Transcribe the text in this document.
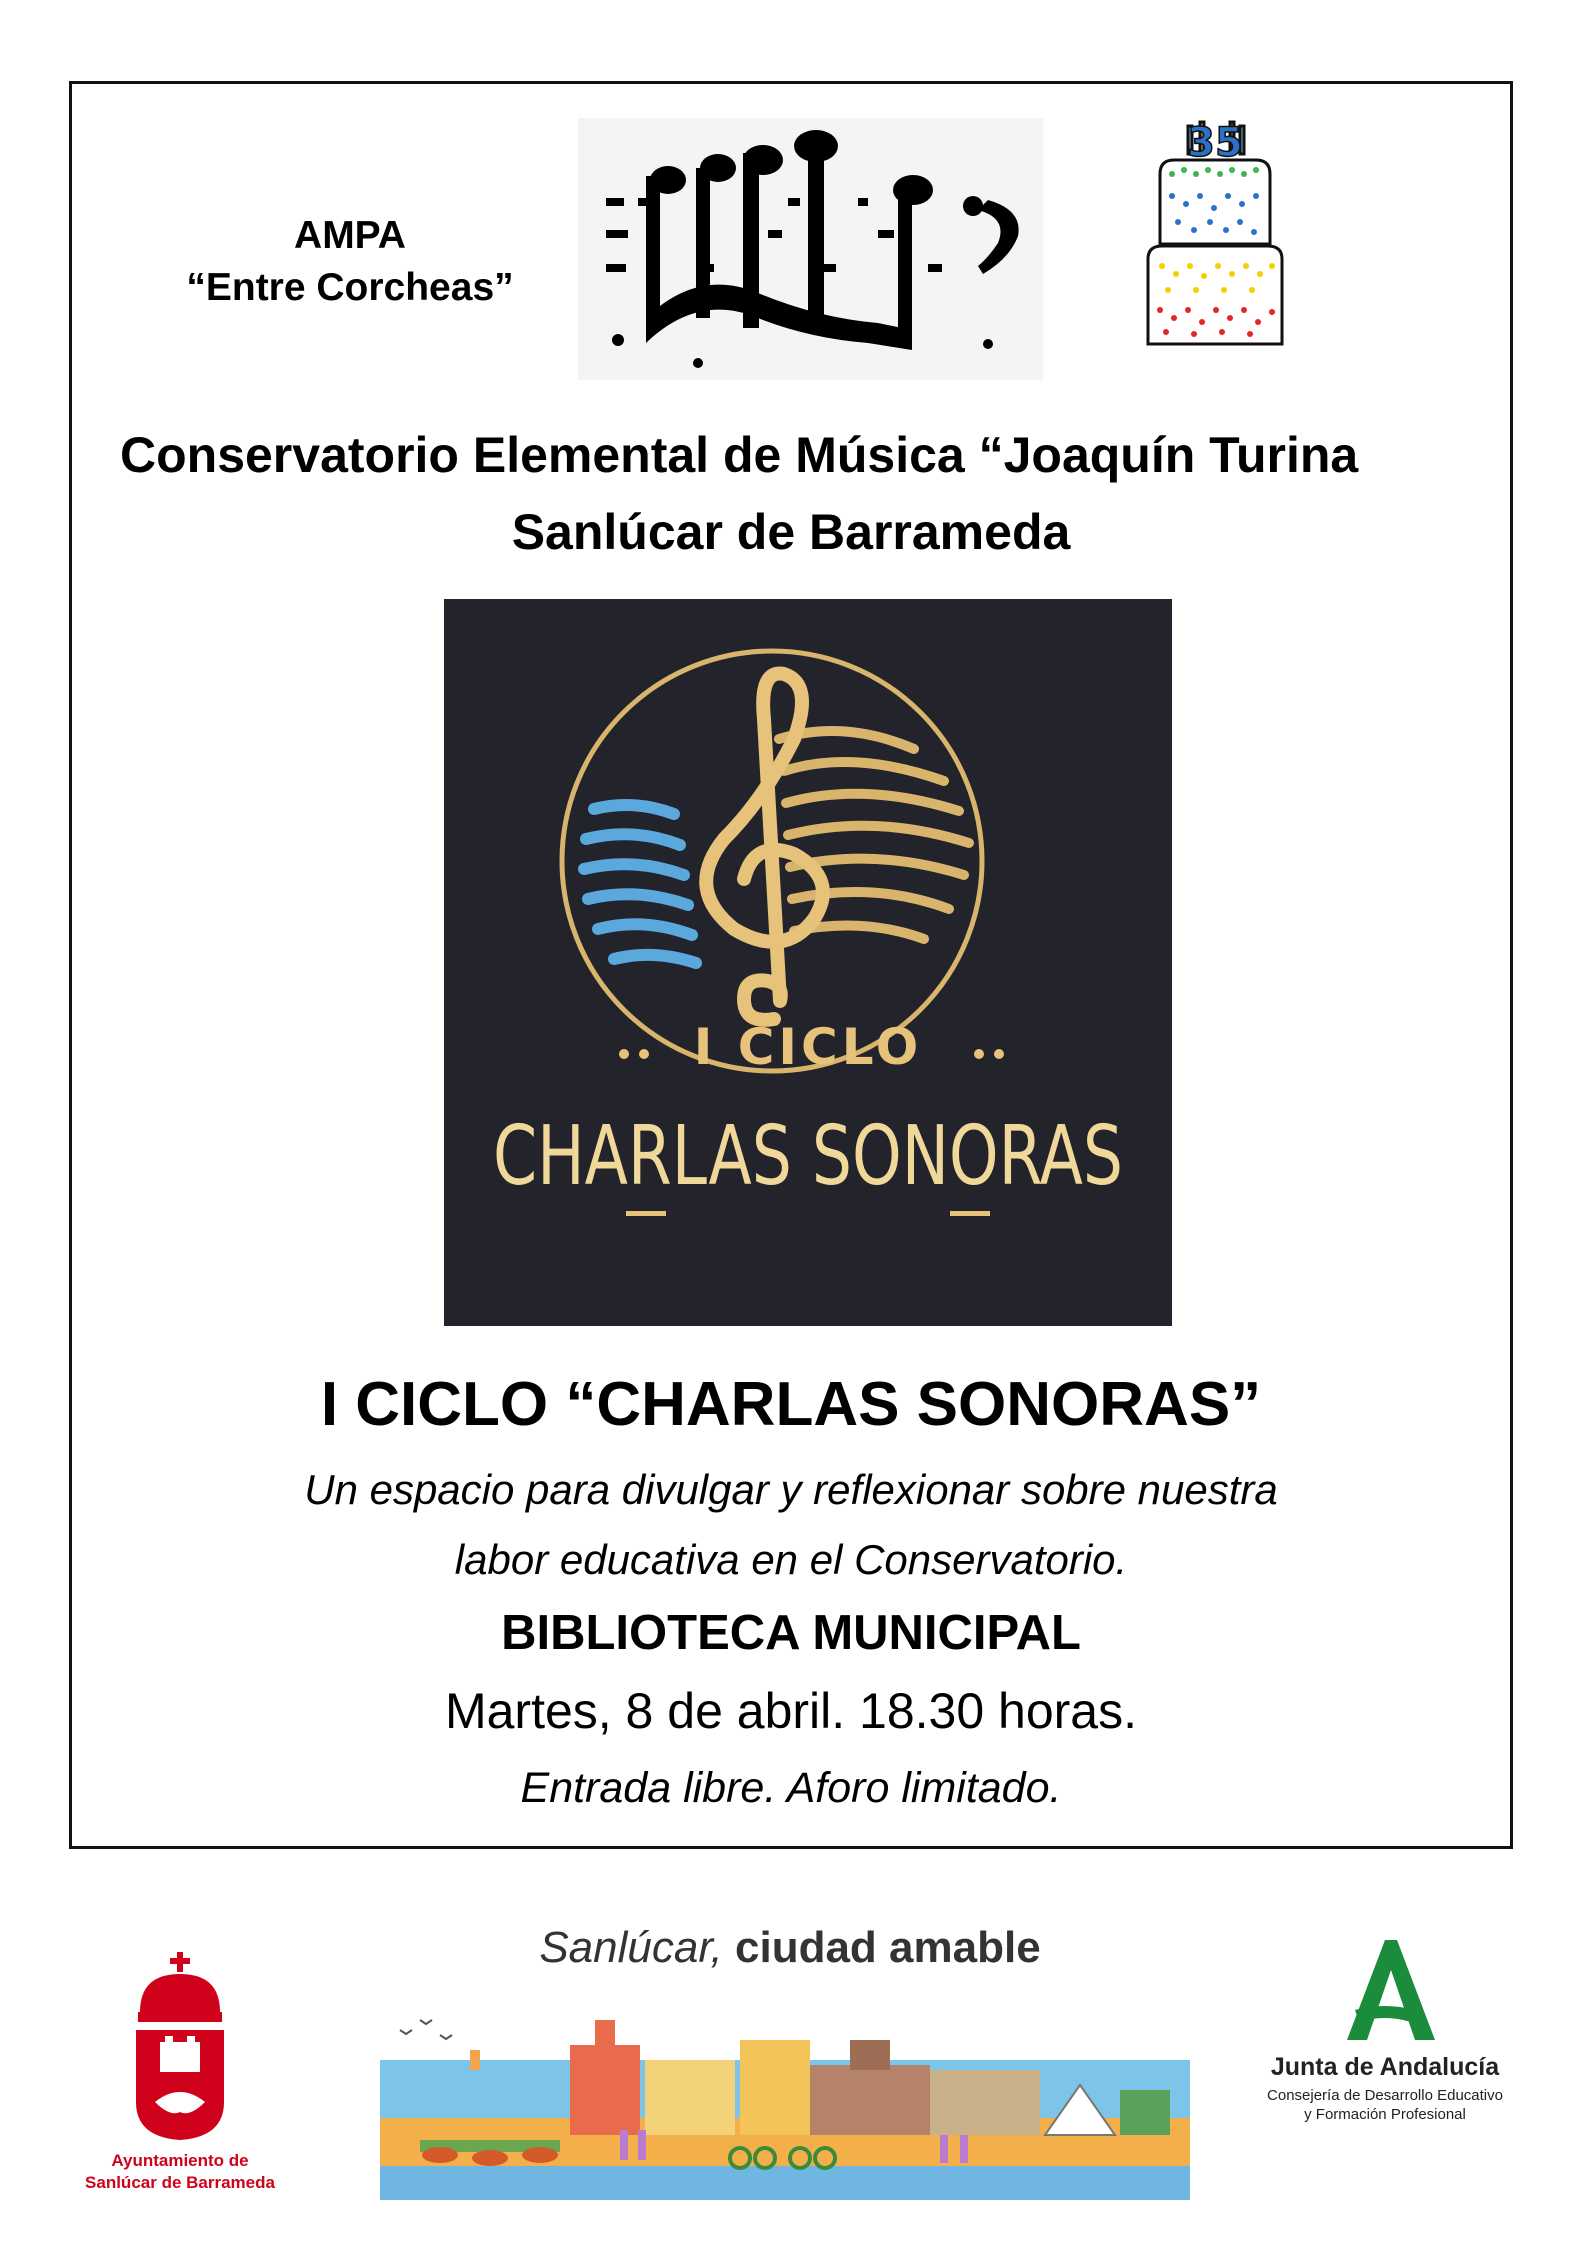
AMPA
“Entre Corcheas”
35
Conservatorio Elemental de Música “Joaquín Turina
Sanlúcar de Barrameda
I CICLO
CHARLAS SONORAS
I CICLO “CHARLAS SONORAS”
Un espacio para divulgar y reflexionar sobre nuestra
labor educativa en el Conservatorio.
BIBLIOTECA MUNICIPAL
Martes, 8 de abril. 18.30 horas.
Entrada libre. Aforo limitado.
Sanlúcar, ciudad amable
Ayuntamiento de
Sanlúcar de Barrameda
Junta de Andalucía
Consejería de Desarrollo Educativo
y Formación Profesional
